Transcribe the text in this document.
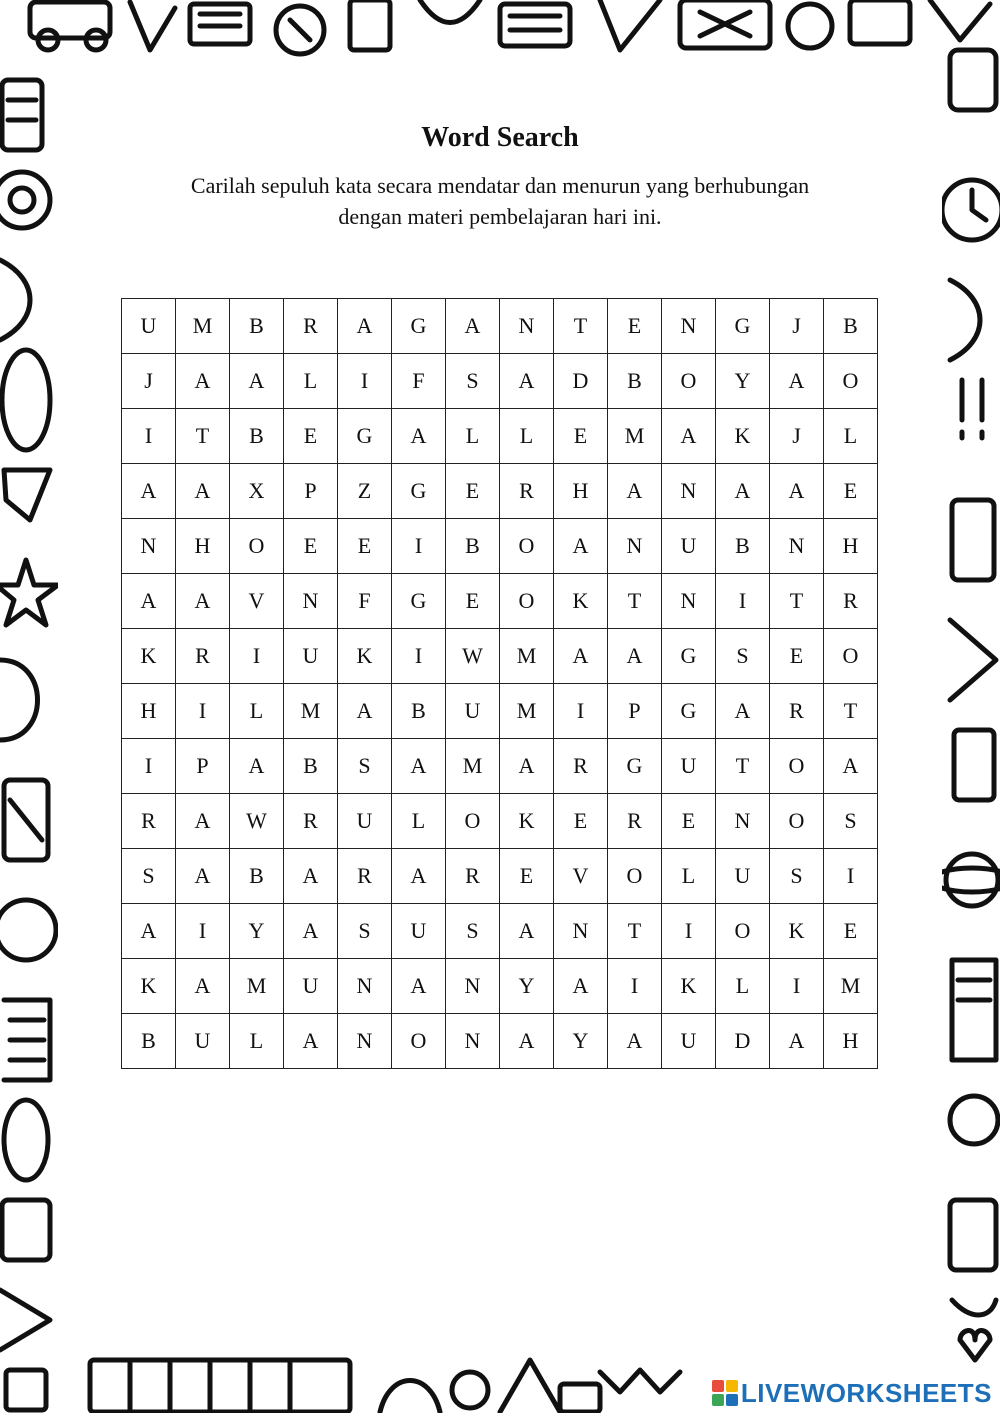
Word Search
Carilah sepuluh kata secara mendatar dan menurun yang berhubungan
dengan materi pembelajaran hari ini.
U	M	B	R	A	G	A	N	T	E	N	G	J	B
J	A	A	L	I	F	S	A	D	B	O	Y	A	O
I	T	B	E	G	A	L	L	E	M	A	K	J	L
A	A	X	P	Z	G	E	R	H	A	N	A	A	E
N	H	O	E	E	I	B	O	A	N	U	B	N	H
A	A	V	N	F	G	E	O	K	T	N	I	T	R
K	R	I	U	K	I	W	M	A	A	G	S	E	O
H	I	L	M	A	B	U	M	I	P	G	A	R	T
I	P	A	B	S	A	M	A	R	G	U	T	O	A
R	A	W	R	U	L	O	K	E	R	E	N	O	S
S	A	B	A	R	A	R	E	V	O	L	U	S	I
A	I	Y	A	S	U	S	A	N	T	I	O	K	E
K	A	M	U	N	A	N	Y	A	I	K	L	I	M
B	U	L	A	N	O	N	A	Y	A	U	D	A	H
LIVEWORKSHEETS
